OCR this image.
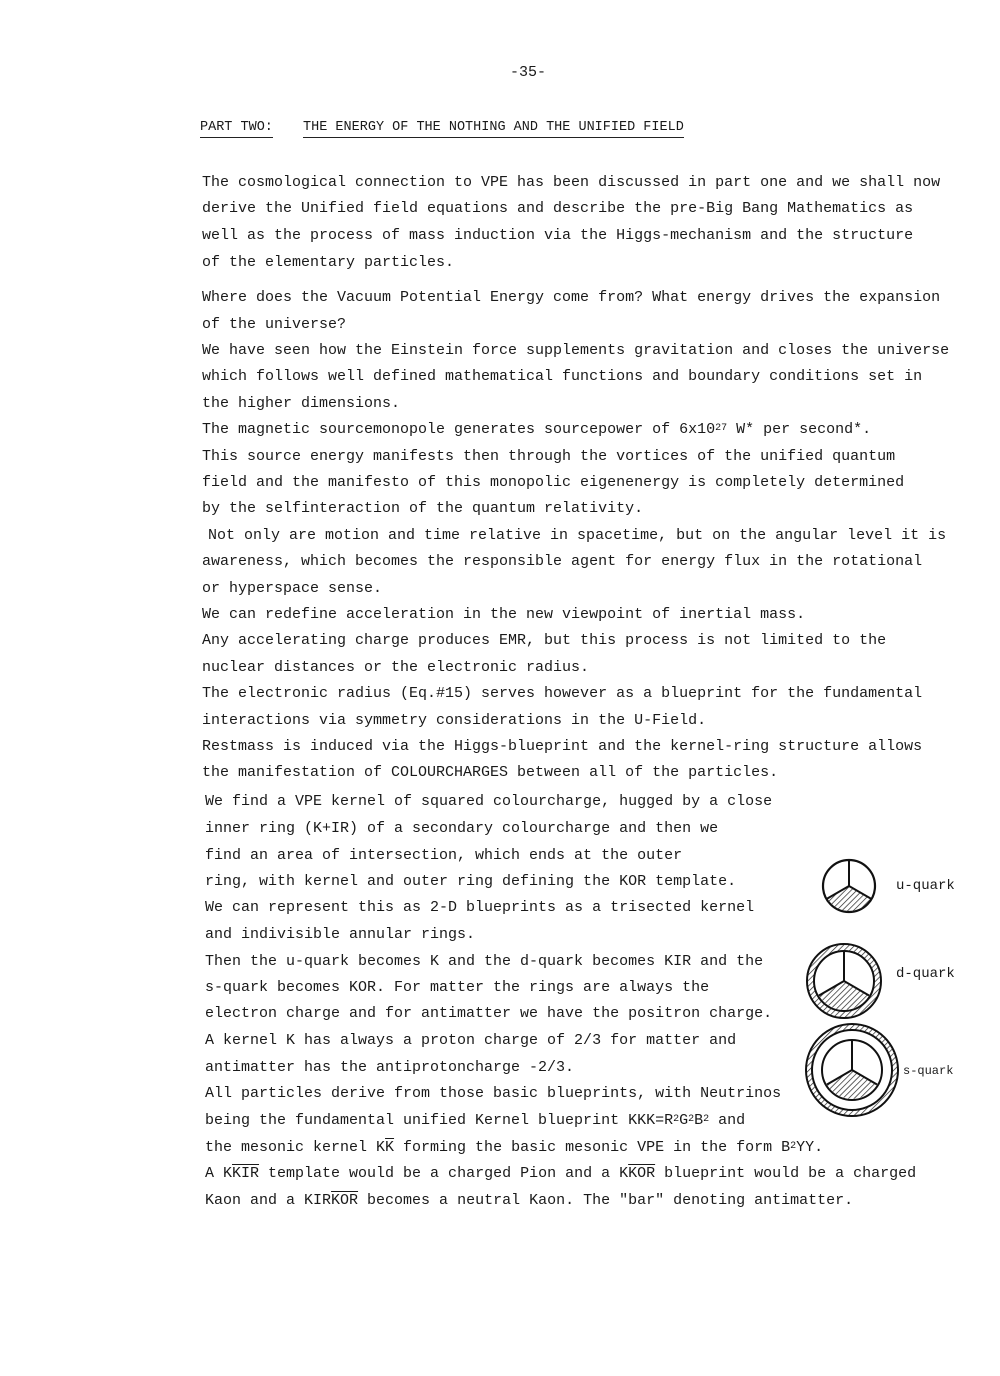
-35-
PART TWO: THE ENERGY OF THE NOTHING AND THE UNIFIED FIELD
The cosmological connection to VPE has been discussed in part one and we shall now
derive the Unified field equations and describe the pre-Big Bang Mathematics as
well as the process of mass induction via the Higgs-mechanism and the structure
of the elementary particles.
Where does the Vacuum Potential Energy come from? What energy drives the expansion
of the universe?
We have seen how the Einstein force supplements gravitation and closes the universe
which follows well defined mathematical functions and boundary conditions set in
the higher dimensions.
The magnetic sourcemonopole generates sourcepower of $6x10^{27}$ W* per second*.
This source energy manifests then through the vortices of the unified quantum
field and the manifesto of this monopolic eigenenergy is completely determined
by the selfinteraction of the quantum relativity.
Not only are motion and time relative in spacetime, but on the angular level it is
awareness, which becomes the responsible agent for energy flux in the rotational
or hyperspace sense.
We can redefine acceleration in the new viewpoint of inertial mass.
Any accelerating charge produces EMR, but this process is not limited to the
nuclear distances or the electronic radius.
The electronic radius (Eq.#15) serves however as a blueprint for the fundamental
interactions via symmetry considerations in the U-Field.
Restmass is induced via the Higgs-blueprint and the kernel-ring structure allows
the manifestation of COLOURCHARGES between all of the particles.
We find a VPE kernel of squared colourcharge, hugged by a close
inner ring (K+IR) of a secondary colourcharge and then we
find an area of intersection, which ends at the outer
ring, with kernel and outer ring defining the KOR template.
We can represent this as 2-D blueprints as a trisected kernel
and indivisible annular rings.
Then the u-quark becomes K and the d-quark becomes KIR and the
s-quark becomes KOR. For matter the rings are always the
electron charge and for antimatter we have the positron charge.
A kernel K has always a proton charge of 2/3 for matter and
antimatter has the antiprotoncharge -2/3.
All particles derive from those basic blueprints, with Neutrinos
being the fundamental unified Kernel blueprint $KKK=R^2G^2B^2$ and
the mesonic kernel $K\overline{K}$ forming the basic mesonic VPE in the form $B^2YY$.
A $K\overline{KIR}$ template would be a charged Pion and a $K\overline{KOR}$ blueprint would be a charged
Kaon and a $KIR\overline{KOR}$ becomes a neutral Kaon. The "bar" denoting antimatter.
u-quark
d-quark
s-quark
